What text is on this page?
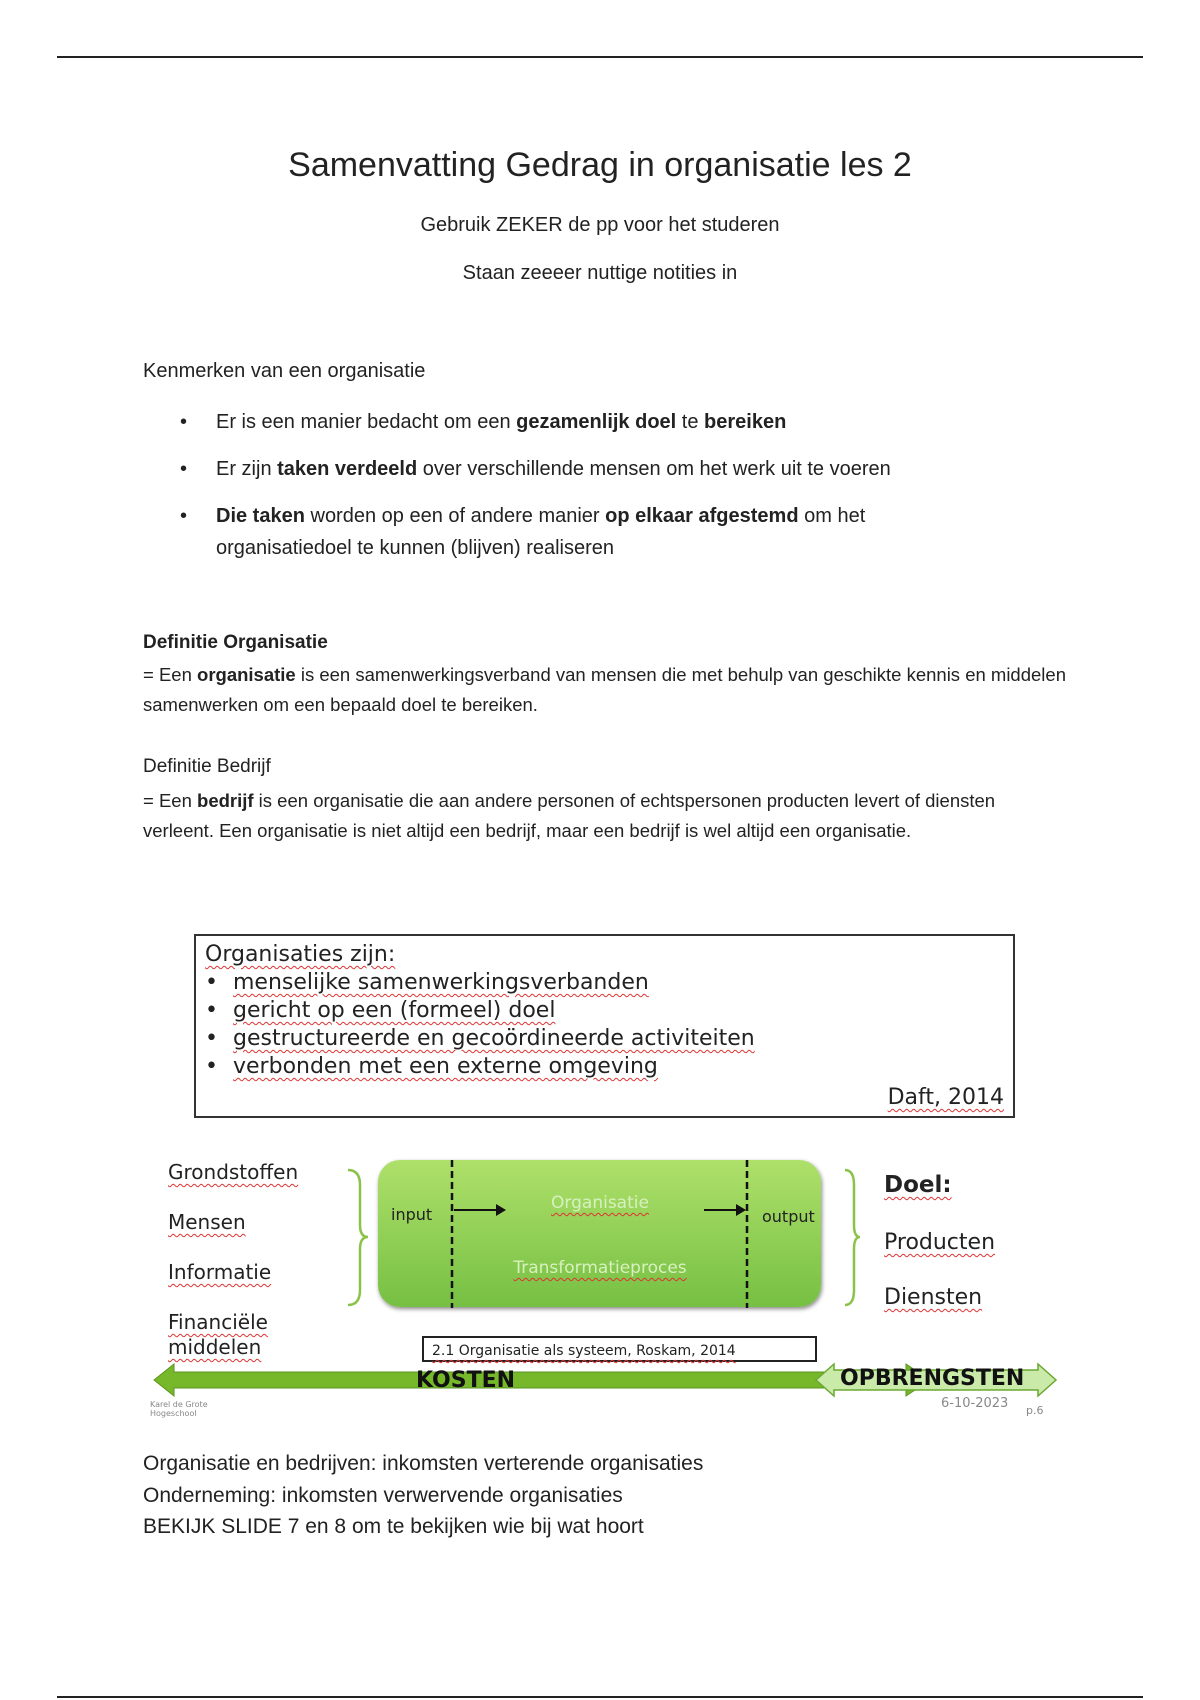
Samenvatting Gedrag in organisatie les 2
Gebruik ZEKER de pp voor het studeren
Staan zeeeer nuttige notities in
Kenmerken van een organisatie
• Er is een manier bedacht om een gezamenlijk doel te bereiken
• Er zijn taken verdeeld over verschillende mensen om het werk uit te voeren
• Die taken worden op een of andere manier op elkaar afgestemd om het organisatiedoel te kunnen (blijven) realiseren
Definitie Organisatie
= Een organisatie is een samenwerkingsverband van mensen die met behulp van geschikte kennis en middelen samenwerken om een bepaald doel te bereiken.
Definitie Bedrijf
= Een bedrijf is een organisatie die aan andere personen of echtspersonen producten levert of diensten verleent. Een organisatie is niet altijd een bedrijf, maar een bedrijf is wel altijd een organisatie.
Organisaties zijn:
• menselijke samenwerkingsverbanden
• gericht op een (formeel) doel
• gestructureerde en gecoördineerde activiteiten
• verbonden met een externe omgeving
Daft, 2014
Grondstoffen
Mensen
Informatie
Financiële
middelen
input	output
Organisatie
Transformatieproces
Doel:
Producten
Diensten
2.1 Organisatie als systeem, Roskam, 2014
KOSTEN	OPBRENGSTEN
Karel de Grote Hogeschool
6-10-2023 p.6
Organisatie en bedrijven: inkomsten verterende organisaties
Onderneming: inkomsten verwervende organisaties
BEKIJK SLIDE 7 en 8 om te bekijken wie bij wat hoort
